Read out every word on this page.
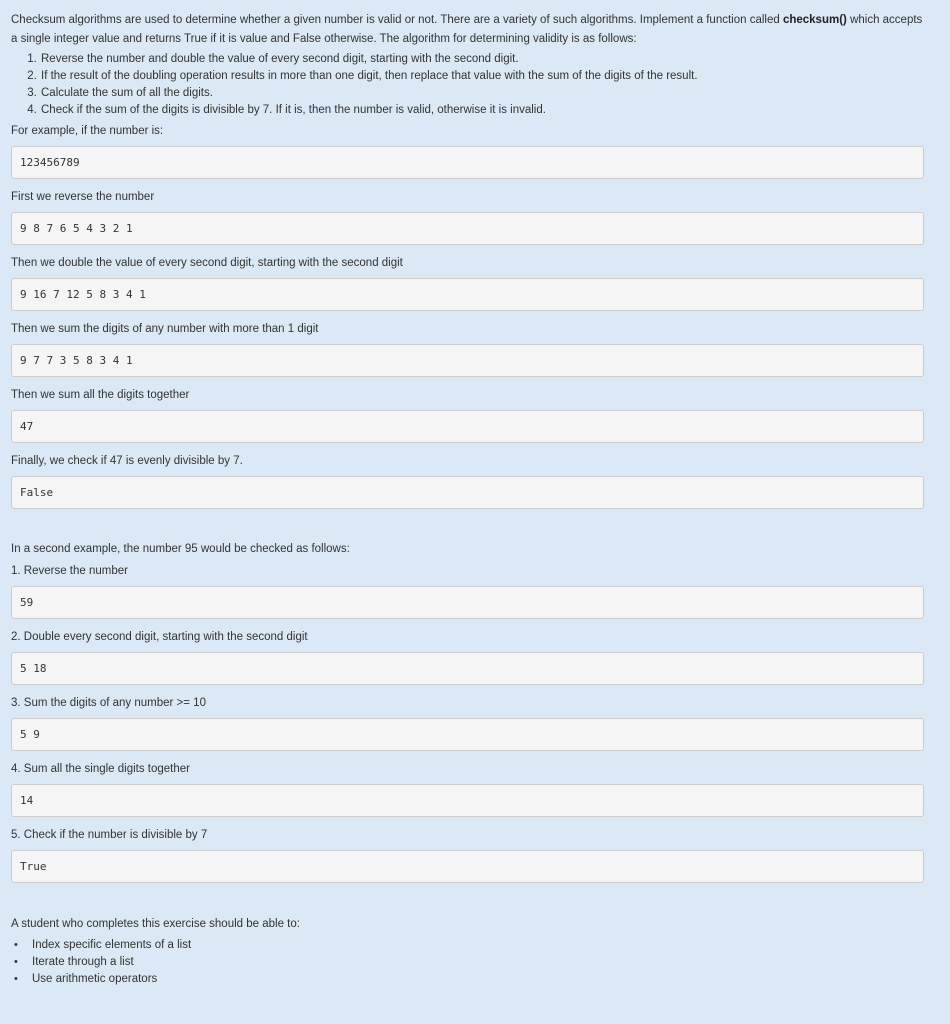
Checksum algorithms are used to determine whether a given number is valid or not. There are a variety of such algorithms. Implement a function called checksum() which accepts a single integer value and returns True if it is value and False otherwise. The algorithm for determining validity is as follows:

1. Reverse the number and double the value of every second digit, starting with the second digit.
2. If the result of the doubling operation results in more than one digit, then replace that value with the sum of the digits of the result.
3. Calculate the sum of all the digits.
4. Check if the sum of the digits is divisible by 7. If it is, then the number is valid, otherwise it is invalid.

For example, if the number is:

123456789

First we reverse the number

9 8 7 6 5 4 3 2 1

Then we double the value of every second digit, starting with the second digit

9 16 7 12 5 8 3 4 1

Then we sum the digits of any number with more than 1 digit

9 7 7 3 5 8 3 4 1

Then we sum all the digits together

47

Finally, we check if 47 is evenly divisible by 7.

False

In a second example, the number 95 would be checked as follows:

1. Reverse the number

59

2. Double every second digit, starting with the second digit

5 18

3. Sum the digits of any number >= 10

5 9

4. Sum all the single digits together

14

5. Check if the number is divisible by 7

True

A student who completes this exercise should be able to:

• Index specific elements of a list
• Iterate through a list
• Use arithmetic operators
